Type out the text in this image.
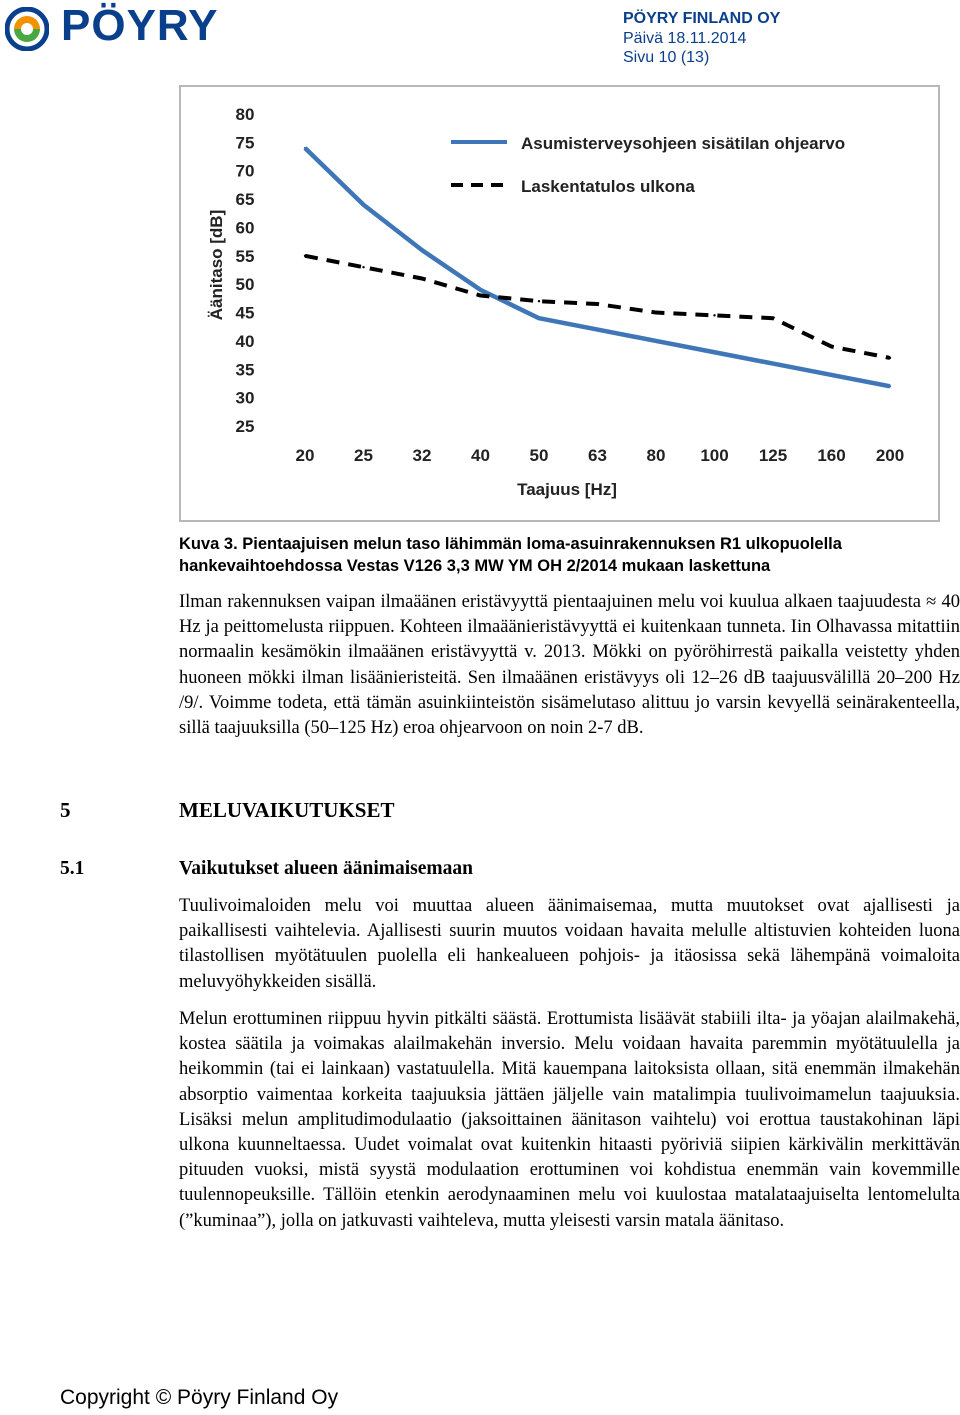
PÖYRY	PÖYRY FINLAND OY
Päivä 18.11.2014
Sivu 10 (13)
80
75
70
65
60
55
50
45
40
35
30
25
20 25 32 40 50 63 80 100 125 160 200
Asumisterveysohjeen sisätilan ohjearvo
Laskentatulos ulkona
Taajuus [Hz]
Äänitaso [dB]
Kuva 3. Pientaajuisen melun taso lähimmän loma-asuinrakennuksen R1 ulkopuolella hankevaihtoehdossa Vestas V126 3,3 MW YM OH 2/2014 mukaan laskettuna
Ilman rakennuksen vaipan ilmaäänen eristävyyttä pientaajuinen melu voi kuulua alkaen taajuudesta ≈ 40 Hz ja peittomelusta riippuen. Kohteen ilmaäänieristävyyttä ei kuitenkaan tunneta. Iin Olhavassa mitattiin normaalin kesämökin ilmaäänen eristävyyttä v. 2013. Mökki on pyöröhirrestä paikalla veistetty yhden huoneen mökki ilman lisäänieristeitä. Sen ilmaäänen eristävyys oli 12–26 dB taajuusvälillä 20–200 Hz /9/. Voimme todeta, että tämän asuinkiinteistön sisämelutaso alittuu jo varsin kevyellä seinärakenteella, sillä taajuuksilla (50–125 Hz) eroa ohjearvoon on noin 2-7 dB.
5	MELUVAIKUTUKSET
5.1	Vaikutukset alueen äänimaisemaan
Tuulivoimaloiden melu voi muuttaa alueen äänimaisemaa, mutta muutokset ovat ajallisesti ja paikallisesti vaihtelevia. Ajallisesti suurin muutos voidaan havaita melulle altistuvien kohteiden luona tilastollisen myötätuulen puolella eli hankealueen pohjois- ja itäosissa sekä lähempänä voimaloita meluvyöhykkeiden sisällä.
Melun erottuminen riippuu hyvin pitkälti säästä. Erottumista lisäävät stabiili ilta- ja yöajan alailmakehä, kostea säätila ja voimakas alailmakehän inversio. Melu voidaan havaita paremmin myötätuulella ja heikommin (tai ei lainkaan) vastatuulella. Mitä kauempana laitoksista ollaan, sitä enemmän ilmakehän absorptio vaimentaa korkeita taajuuksia jättäen jäljelle vain matalimpia tuulivoimamelun taajuuksia. Lisäksi melun amplitudimodulaatio (jaksoittainen äänitason vaihtelu) voi erottua taustakohinan läpi ulkona kuunneltaessa. Uudet voimalat ovat kuitenkin hitaasti pyöriviä siipien kärkivälin merkittävän pituuden vuoksi, mistä syystä modulaation erottuminen voi kohdistua enemmän vain kovemmille tuulennopeuksille. Tällöin etenkin aerodynaaminen melu voi kuulostaa matalataajuiselta lentomelulta (”kuminaa”), jolla on jatkuvasti vaihteleva, mutta yleisesti varsin matala äänitaso.
Copyright © Pöyry Finland Oy
